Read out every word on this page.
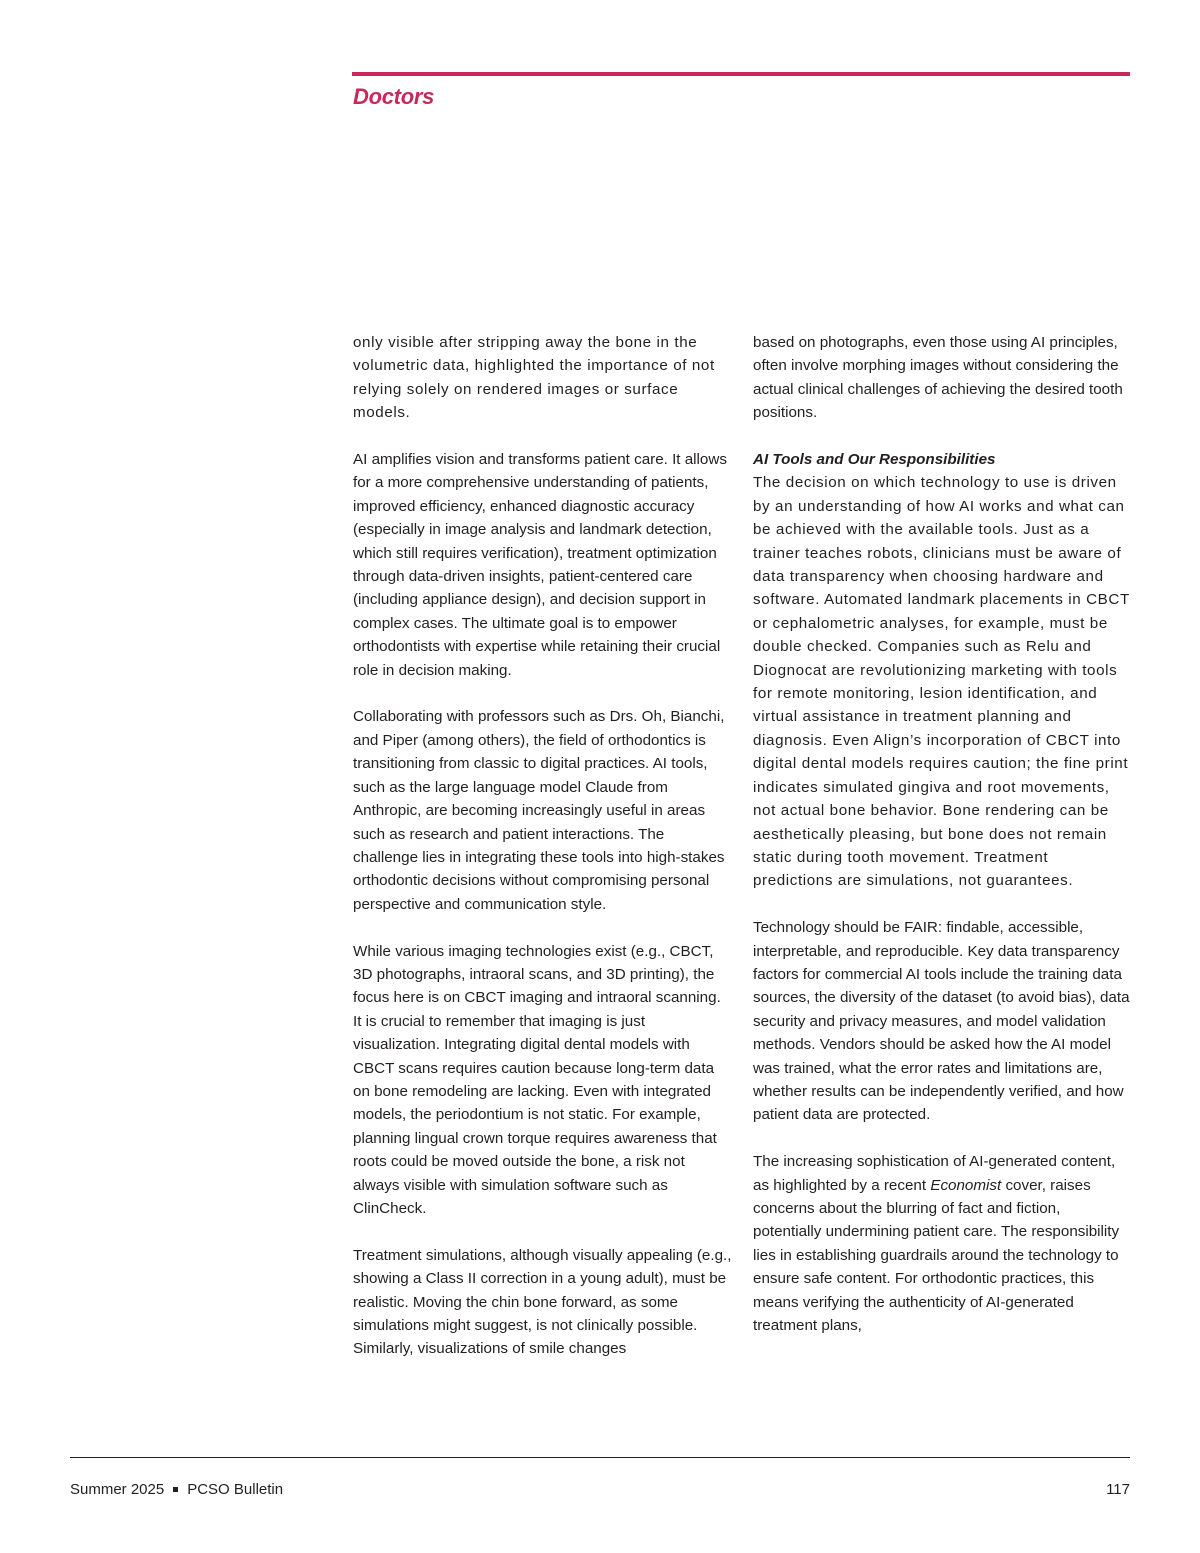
Doctors

only visible after stripping away the bone in the volumetric data, highlighted the importance of not relying solely on rendered images or surface models.

AI amplifies vision and transforms patient care. It allows for a more comprehensive understanding of patients, improved efficiency, enhanced diagnostic accuracy (especially in image analysis and landmark detection, which still requires verification), treatment optimization through data-driven insights, patient-centered care (including appliance design), and decision support in complex cases. The ultimate goal is to empower orthodontists with expertise while retaining their crucial role in decision making.

Collaborating with professors such as Drs. Oh, Bianchi, and Piper (among others), the field of orthodontics is transitioning from classic to digital practices. AI tools, such as the large language model Claude from Anthropic, are becoming increasingly useful in areas such as research and patient interactions. The challenge lies in integrating these tools into high-stakes orthodontic decisions without compromising personal perspective and communication style.

While various imaging technologies exist (e.g., CBCT, 3D photographs, intraoral scans, and 3D printing), the focus here is on CBCT imaging and intraoral scanning. It is crucial to remember that imaging is just visualization. Integrating digital dental models with CBCT scans requires caution because long-term data on bone remodeling are lacking. Even with integrated models, the periodontium is not static. For example, planning lingual crown torque requires awareness that roots could be moved outside the bone, a risk not always visible with simulation software such as ClinCheck.

Treatment simulations, although visually appealing (e.g., showing a Class II correction in a young adult), must be realistic. Moving the chin bone forward, as some simulations might suggest, is not clinically possible. Similarly, visualizations of smile changes

based on photographs, even those using AI principles, often involve morphing images without considering the actual clinical challenges of achieving the desired tooth positions.

AI Tools and Our Responsibilities

The decision on which technology to use is driven by an understanding of how AI works and what can be achieved with the available tools. Just as a trainer teaches robots, clinicians must be aware of data transparency when choosing hardware and software. Automated landmark placements in CBCT or cephalometric analyses, for example, must be double checked. Companies such as Relu and Diognocat are revolutionizing marketing with tools for remote monitoring, lesion identification, and virtual assistance in treatment planning and diagnosis. Even Align’s incorporation of CBCT into digital dental models requires caution; the fine print indicates simulated gingiva and root movements, not actual bone behavior. Bone rendering can be aesthetically pleasing, but bone does not remain static during tooth movement. Treatment predictions are simulations, not guarantees.

Technology should be FAIR: findable, accessible, interpretable, and reproducible. Key data transparency factors for commercial AI tools include the training data sources, the diversity of the dataset (to avoid bias), data security and privacy measures, and model validation methods. Vendors should be asked how the AI model was trained, what the error rates and limitations are, whether results can be independently verified, and how patient data are protected.

The increasing sophistication of AI-generated content, as highlighted by a recent Economist cover, raises concerns about the blurring of fact and fiction, potentially undermining patient care. The responsibility lies in establishing guardrails around the technology to ensure safe content. For orthodontic practices, this means verifying the authenticity of AI-generated treatment plans,

Summer 2025 PCSO Bulletin	117
